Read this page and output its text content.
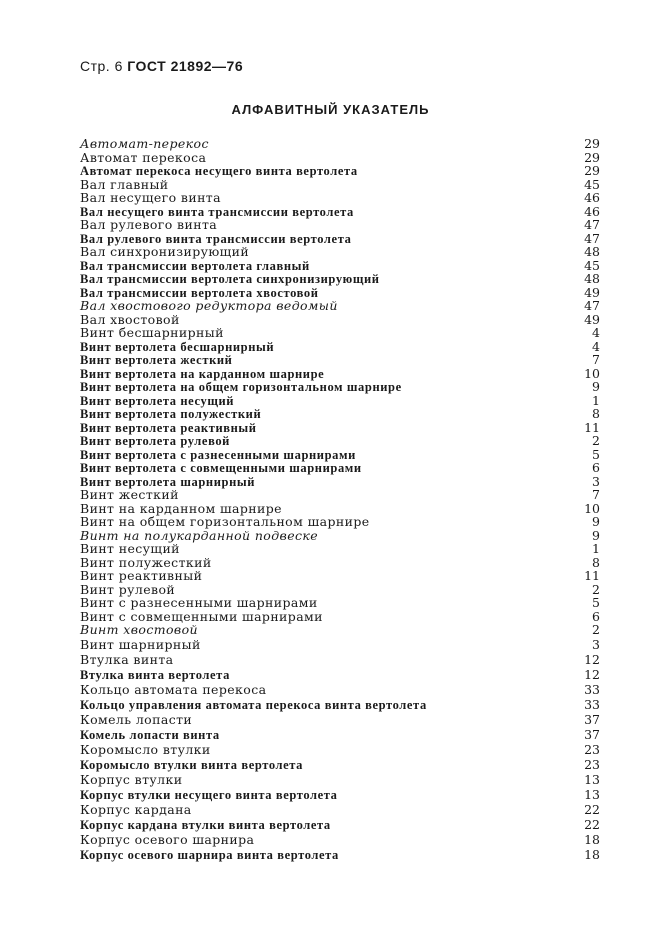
Стр. 6 ГОСТ 21892—76
АЛФАВИТНЫЙ УКАЗАТЕЛЬ
Автомат-перекос	29
Автомат перекоса	29
Автомат перекоса несущего винта вертолета	29
Вал главный	45
Вал несущего винта	46
Вал несущего винта трансмиссии вертолета	46
Вал рулевого винта	47
Вал рулевого винта трансмиссии вертолета	47
Вал синхронизирующий	48
Вал трансмиссии вертолета главный	45
Вал трансмиссии вертолета синхронизирующий	48
Вал трансмиссии вертолета хвостовой	49
Вал хвостового редуктора ведомый	47
Вал хвостовой	49
Винт бесшарнирный	4
Винт вертолета бесшарнирный	4
Винт вертолета жесткий	7
Винт вертолета на карданном шарнире	10
Винт вертолета на общем горизонтальном шарнире	9
Винт вертолета несущий	1
Винт вертолета полужесткий	8
Винт вертолета реактивный	11
Винт вертолета рулевой	2
Винт вертолета с разнесенными шарнирами	5
Винт вертолета с совмещенными шарнирами	6
Винт вертолета шарнирный	3
Винт жесткий	7
Винт на карданном шарнире	10
Винт на общем горизонтальном шарнире	9
Винт на полукарданной подвеске	9
Винт несущий	1
Винт полужесткий	8
Винт реактивный	11
Винт рулевой	2
Винт с разнесенными шарнирами	5
Винт с совмещенными шарнирами	6
Винт хвостовой	2
Винт шарнирный	3
Втулка винта	12
Втулка винта вертолета	12
Кольцо автомата перекоса	33
Кольцо управления автомата перекоса винта вертолета	33
Комель лопасти	37
Комель лопасти винта	37
Коромысло втулки	23
Коромысло втулки винта вертолета	23
Корпус втулки	13
Корпус втулки несущего винта вертолета	13
Корпус кардана	22
Корпус кардана втулки винта вертолета	22
Корпус осевого шарнира	18
Корпус осевого шарнира винта вертолета	18
